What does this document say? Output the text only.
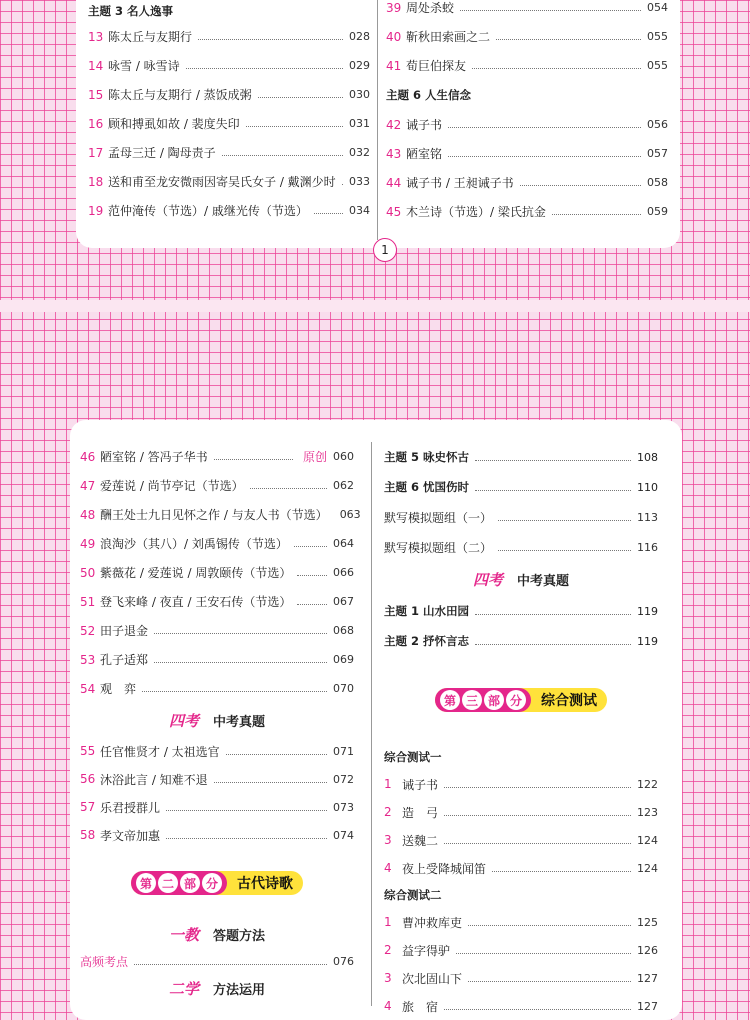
主题 3 名人逸事
13 陈太丘与友期行	028
14 咏雪 / 咏雪诗	029
15 陈太丘与友期行 / 蒸饭成粥	030
16 顾和搏虱如故 / 裴度失印	031
17 孟母三迁 / 陶母责子	032
18 送和甫至龙安微雨因寄吴氏女子 / 戴渊少时 033
19 范仲淹传（节选）/ 戚继光传（节选）	034
39 周处杀蛟	054
40 靳秋田索画之二	055
41 荀巨伯探友	055
主题 6 人生信念
42 诫子书	056
43 陋室铭	057
44 诫子书 / 王昶诫子书	058
45 木兰诗（节选）/ 梁氏抗金	059
1
46 陋室铭 / 答冯子华书	原创 060
47 爱莲说 / 尚节亭记（节选）	062
48 酬王处士九日见怀之作 / 与友人书（节选） 063
49 浪淘沙（其八）/ 刘禹锡传（节选）	064
50 紫薇花 / 爱莲说 / 周敦颐传（节选）	066
51 登飞来峰 / 夜直 / 王安石传（节选）	067
52 田子退金	068
53 孔子适郑	069
54 观　弈	070
四考 中考真题
55 任官惟贤才 / 太祖选官	071
56 沐浴此言 / 知难不退	072
57 乐君授群儿	073
58 孝文帝加惠	074
第 二 部 分 古代诗歌
一教 答题方法
高频考点	076
二学 方法运用
主题 5 咏史怀古	108
主题 6 忧国伤时	110
默写模拟题组（一）	113
默写模拟题组（二）	116
四考 中考真题
主题 1 山水田园	119
主题 2 抒怀言志	119
第 三 部 分 综合测试
综合测试一
1 诫子书	122
2 造　弓	123
3 送魏二	124
4 夜上受降城闻笛	124
综合测试二
1 曹冲救库吏	125
2 益字得驴	126
3 次北固山下	127
4 旅　宿	127
